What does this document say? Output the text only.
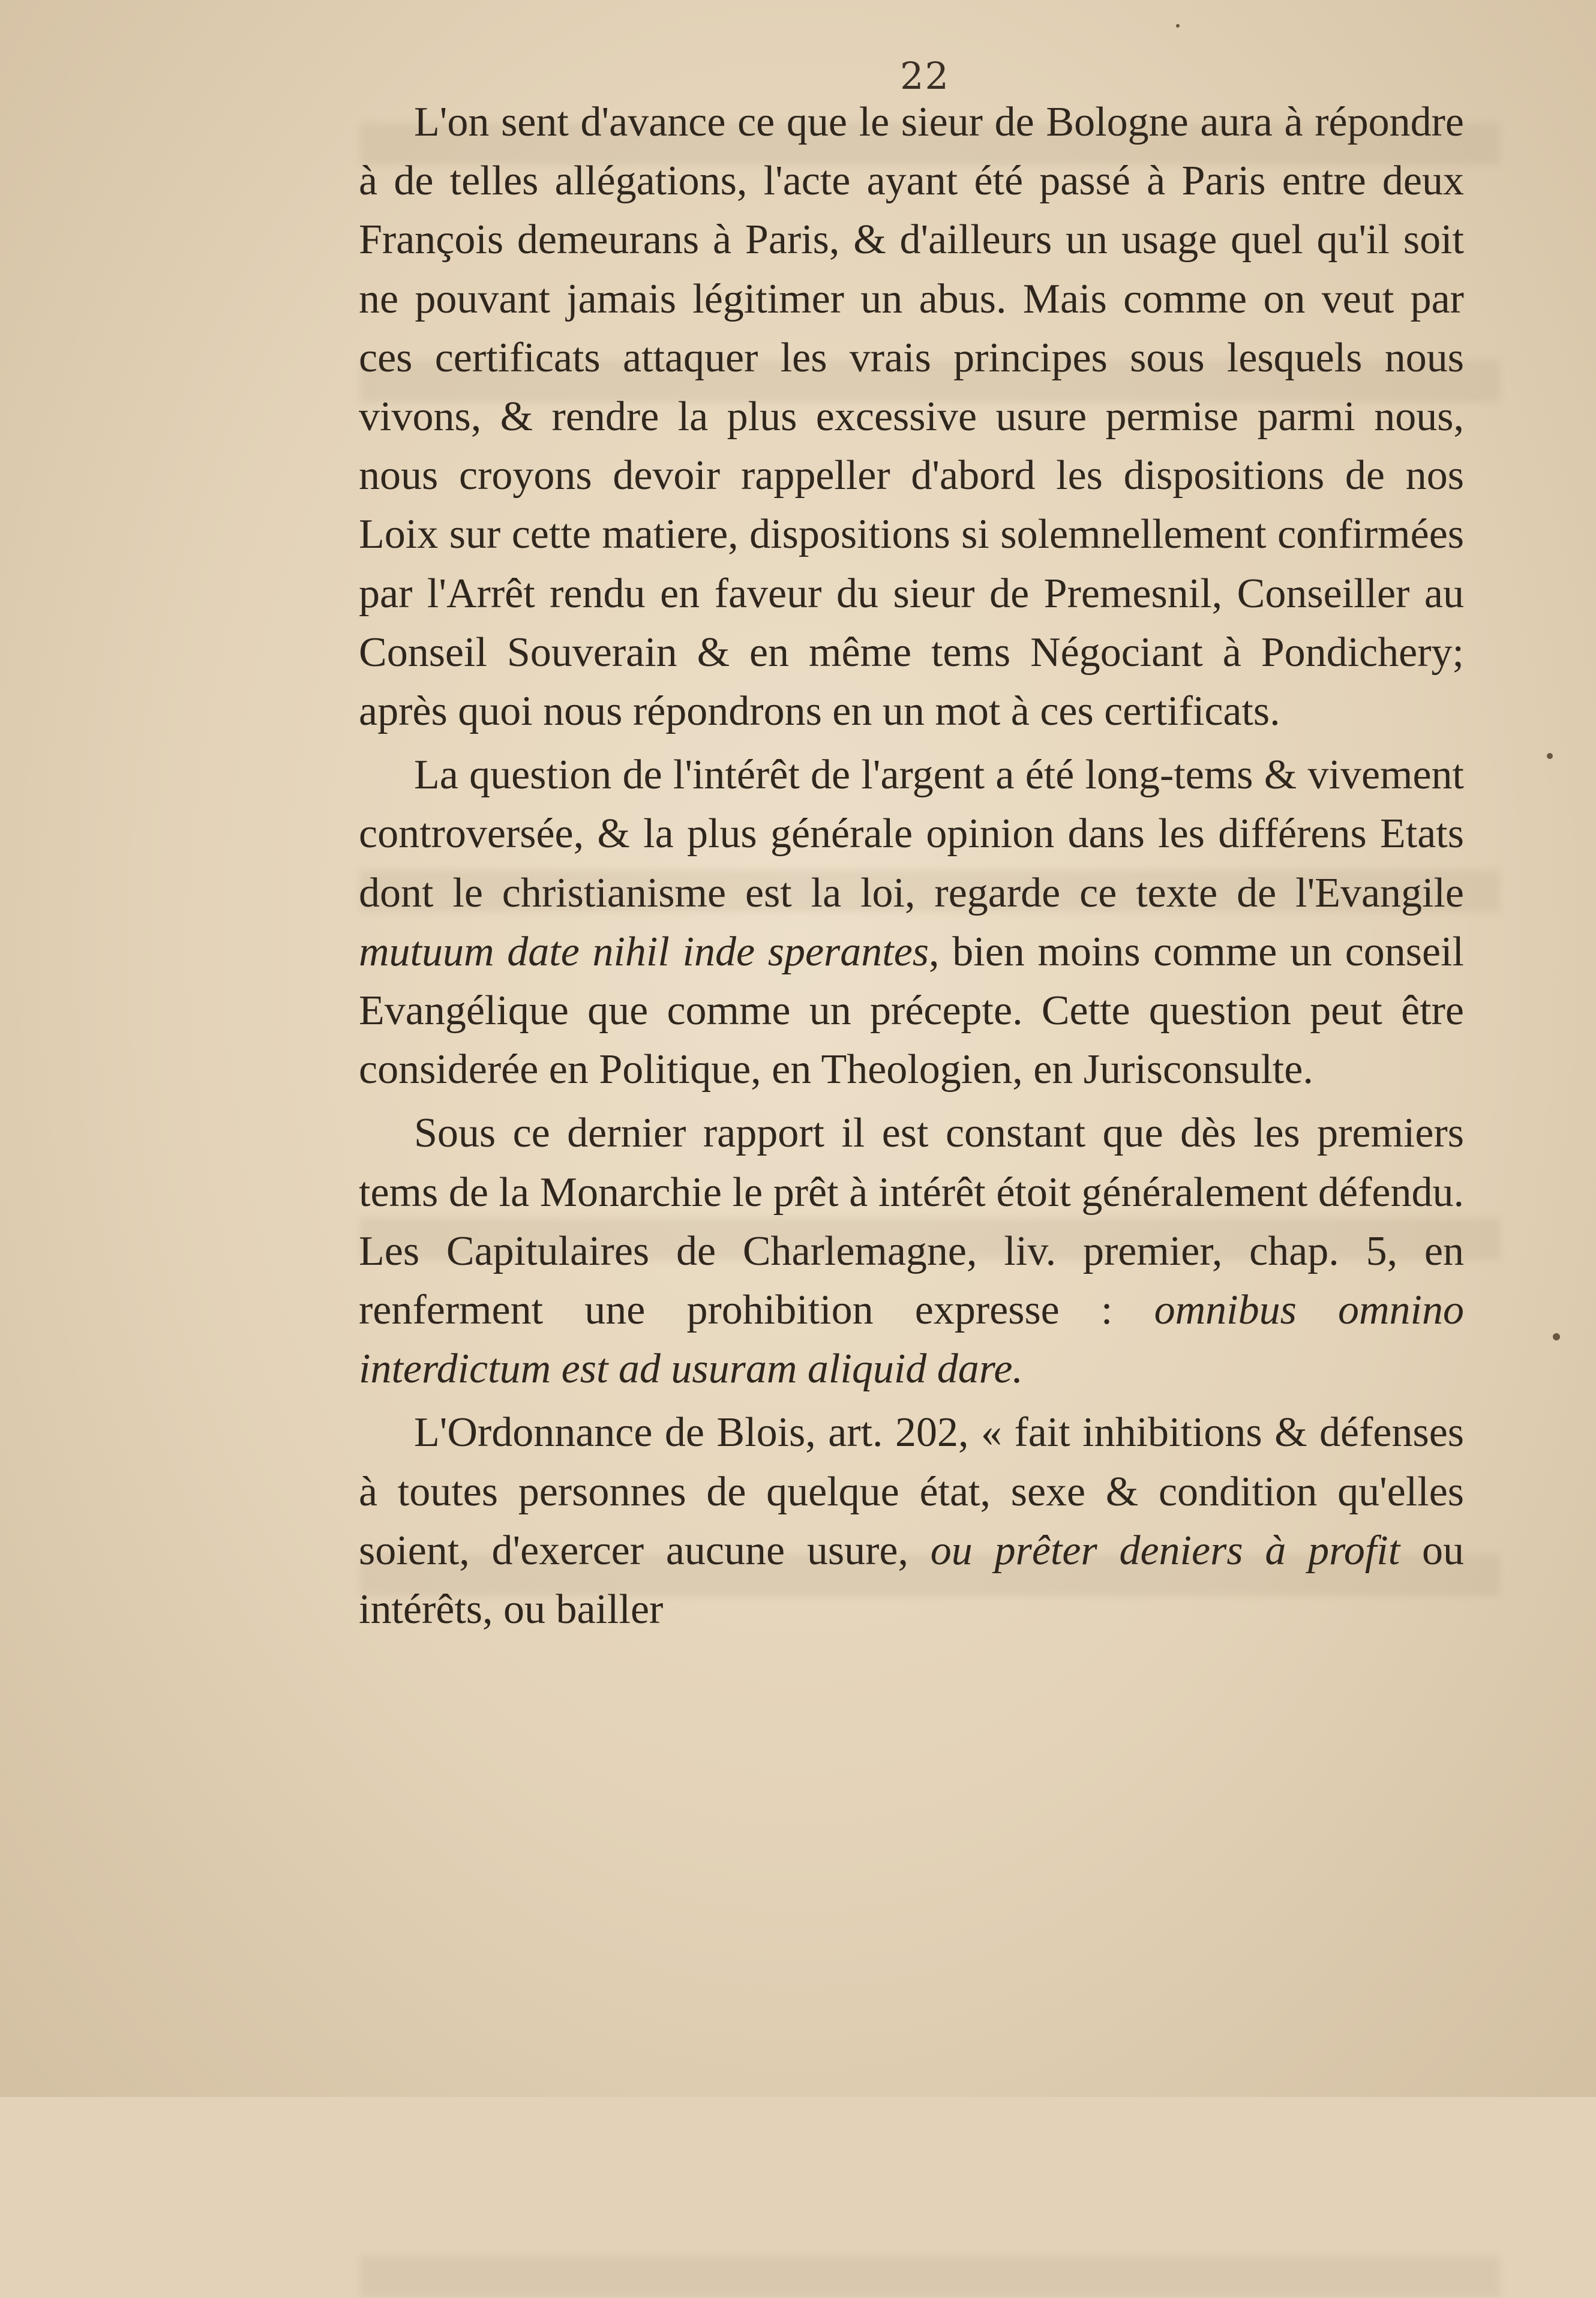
22

L'on sent d'avance ce que le sieur de Bologne aura à répondre à de telles allégations, l'acte ayant été passé à Paris entre deux François demeurans à Paris, & d'ailleurs un usage quel qu'il soit ne pouvant jamais légitimer un abus. Mais comme on veut par ces certificats attaquer les vrais principes sous lesquels nous vivons, & rendre la plus excessive usure permise parmi nous, nous croyons devoir rappeller d'abord les dispositions de nos Loix sur cette matiere, dispositions si solemnellement confirmées par l'Arrêt rendu en faveur du sieur de Premesnil, Conseiller au Conseil Souverain & en même tems Négociant à Pondichery; après quoi nous répondrons en un mot à ces certificats.

La question de l'intérêt de l'argent a été long-tems & vivement controversée, & la plus générale opinion dans les différens Etats dont le christianisme est la loi, regarde ce texte de l'Evangile mutuum date nihil inde sperantes, bien moins comme un conseil Evangélique que comme un précepte. Cette question peut être considerée en Politique, en Theologien, en Jurisconsulte.

Sous ce dernier rapport il est constant que dès les premiers tems de la Monarchie le prêt à intérêt étoit généralement défendu. Les Capitulaires de Charlemagne, liv. premier, chap. 5, en renferment une prohibition expresse : omnibus omnino interdictum est ad usuram aliquid dare.

L'Ordonnance de Blois, art. 202, « fait inhibitions & défenses à toutes personnes de quelque état, sexe & condition qu'elles soient, d'exercer aucune usure, ou prêter deniers à profit ou intérêts, ou bailler
